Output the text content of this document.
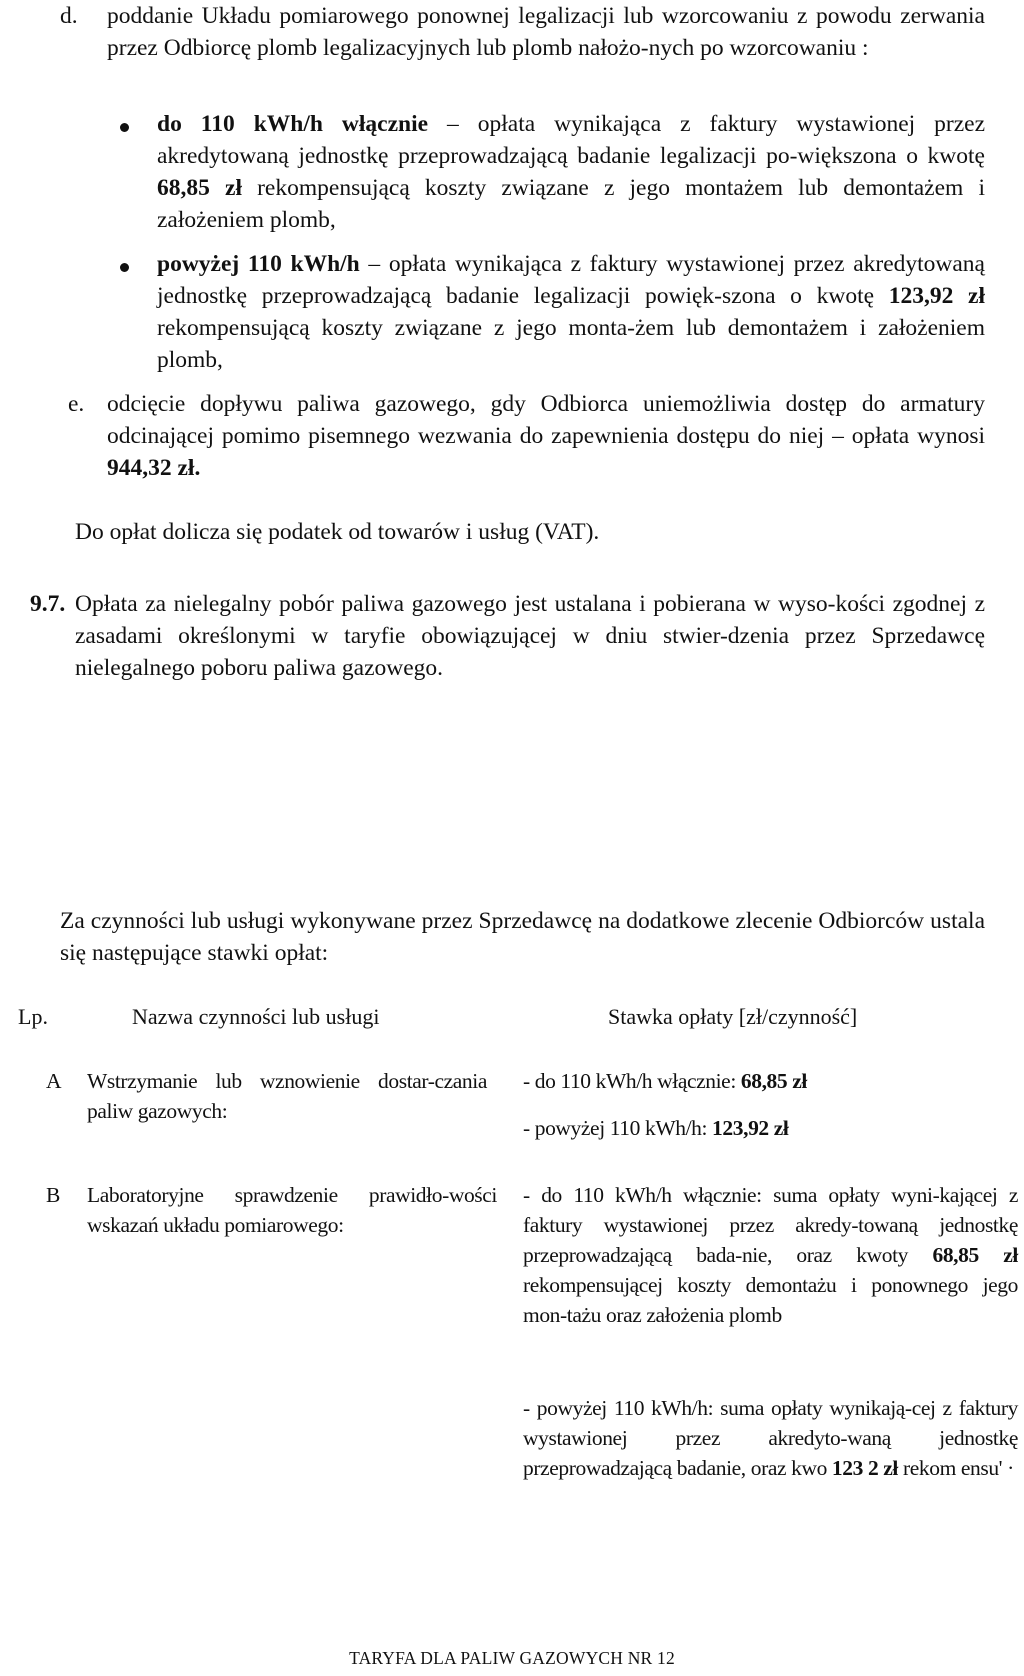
d. poddanie Układu pomiarowego ponownej legalizacji lub wzorcowaniu z powodu zerwania przez Odbiorcę plomb legalizacyjnych lub plomb nałożo-nych po wzorcowaniu :
do 110 kWh/h włącznie – opłata wynikająca z faktury wystawionej przez akredytowaną jednostkę przeprowadzającą badanie legalizacji po-większona o kwotę 68,85 zł rekompensującą koszty związane z jego montażem lub demontażem i założeniem plomb,
powyżej 110 kWh/h – opłata wynikająca z faktury wystawionej przez akredytowaną jednostkę przeprowadzającą badanie legalizacji powięk-szona o kwotę 123,92 zł rekompensującą koszty związane z jego monta-żem lub demontażem i założeniem plomb,
e. odcięcie dopływu paliwa gazowego, gdy Odbiorca uniemożliwia dostęp do armatury odcinającej pomimo pisemnego wezwania do zapewnienia dostępu do niej – opłata wynosi 944,32 zł.
Do opłat dolicza się podatek od towarów i usług (VAT).
9.7. Opłata za nielegalny pobór paliwa gazowego jest ustalana i pobierana w wyso-kości zgodnej z zasadami określonymi w taryfie obowiązującej w dniu stwier-dzenia przez Sprzedawcę nielegalnego poboru paliwa gazowego.
Za czynności lub usługi wykonywane przez Sprzedawcę na dodatkowe zlecenie Odbiorców ustala się następujące stawki opłat:
Lp.	Nazwa czynności lub usługi	Stawka opłaty [zł/czynność]
A Wstrzymanie lub wznowienie dostar-czania paliw gazowych:
- do 110 kWh/h włącznie: 68,85 zł
- powyżej 110 kWh/h: 123,92 zł
B Laboratoryjne sprawdzenie prawidło-wości wskazań układu pomiarowego:
- do 110 kWh/h włącznie: suma opłaty wyni-kającej z faktury wystawionej przez akredy-towaną jednostkę przeprowadzającą bada-nie, oraz kwoty 68,85 zł rekompensującej koszty demontażu i ponownego jego mon-tażu oraz założenia plomb
- powyżej 110 kWh/h: suma opłaty wynikają-cej z faktury wystawionej przez akredyto-waną jednostkę przeprowadzającą badanie, oraz kwo 123 2 zł rekom ensu' ·
TARYFA DLA PALIW GAZOWYCH NR 12
